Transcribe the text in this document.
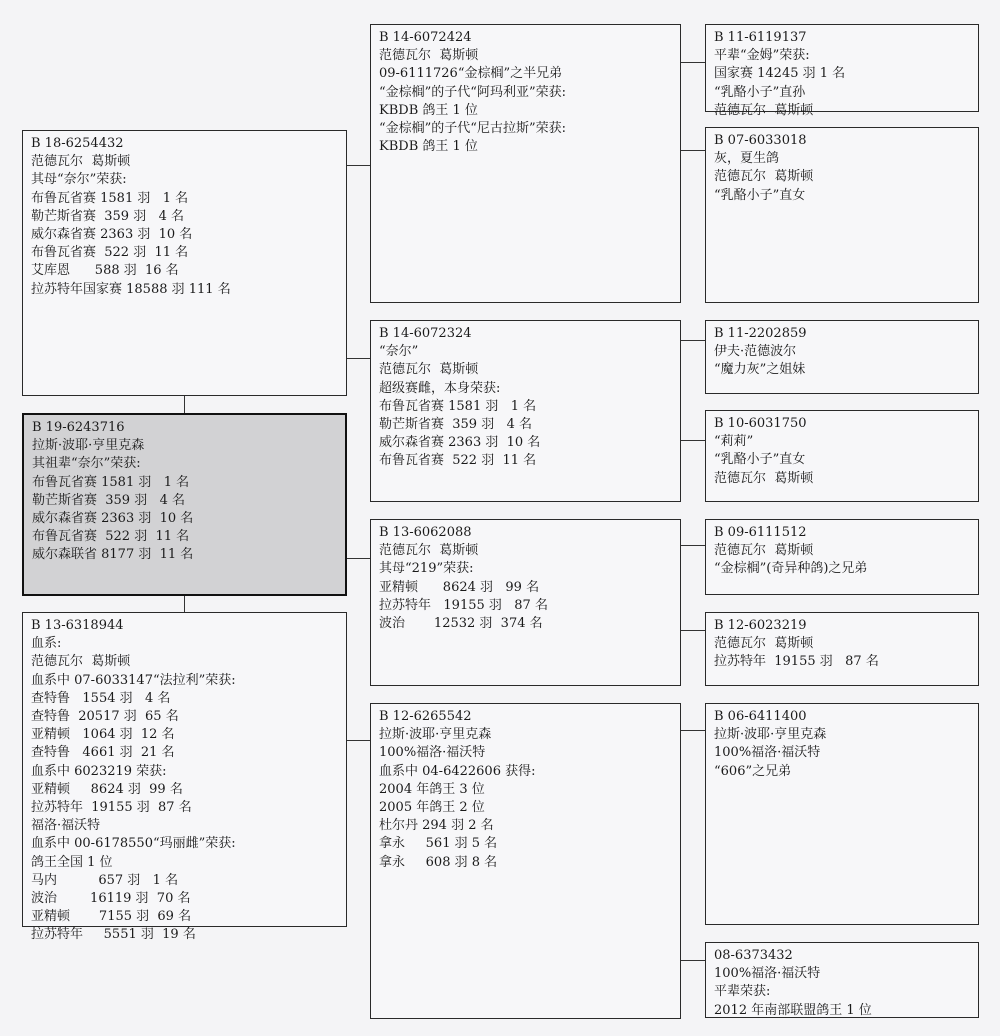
B 18-6254432
范德瓦尔  葛斯顿
其母“奈尔”荣获:
布鲁瓦省赛 1581 羽   1 名
勒芒斯省赛  359 羽   4 名
威尔森省赛 2363 羽  10 名
布鲁瓦省赛  522 羽  11 名
艾库恩      588 羽  16 名
拉苏特年国家赛 18588 羽 111 名
B 19-6243716
拉斯·波耶·亨里克森
其祖辈“奈尔”荣获:
布鲁瓦省赛 1581 羽   1 名
勒芒斯省赛  359 羽   4 名
威尔森省赛 2363 羽  10 名
布鲁瓦省赛  522 羽  11 名
威尔森联省 8177 羽  11 名
B 13-6318944
血系:
范德瓦尔  葛斯顿
血系中 07-6033147“法拉利”荣获:
查特鲁   1554 羽   4 名
查特鲁  20517 羽  65 名
亚精顿   1064 羽  12 名
查特鲁   4661 羽  21 名
血系中 6023219 荣获:
亚精顿     8624 羽  99 名
拉苏特年  19155 羽  87 名
福洛·福沃特
血系中 00-6178550“玛丽雌”荣获:
鸽王全国 1 位
马内          657 羽   1 名
波治        16119 羽  70 名
亚精顿       7155 羽  69 名
拉苏特年     5551 羽  19 名
B 14-6072424
范德瓦尔  葛斯顿
09-6111726“金棕榈”之半兄弟
“金棕榈”的子代“阿玛利亚”荣获:
KBDB 鸽王 1 位
“金棕榈”的子代“尼古拉斯”荣获:
KBDB 鸽王 1 位
B 14-6072324
“奈尔”
范德瓦尔  葛斯顿
超级赛雌，本身荣获:
布鲁瓦省赛 1581 羽   1 名
勒芒斯省赛  359 羽   4 名
威尔森省赛 2363 羽  10 名
布鲁瓦省赛  522 羽  11 名
B 13-6062088
范德瓦尔  葛斯顿
其母“219”荣获:
亚精顿      8624 羽   99 名
拉苏特年   19155 羽   87 名
波治       12532 羽  374 名
B 12-6265542
拉斯·波耶·亨里克森
100%福洛·福沃特
血系中 04-6422606 获得:
2004 年鸽王 3 位
2005 年鸽王 2 位
杜尔丹 294 羽 2 名
拿永     561 羽 5 名
拿永     608 羽 8 名
B 11-6119137
平辈“金姆”荣获:
国家赛 14245 羽 1 名
“乳酪小子”直孙
范德瓦尔  葛斯顿
B 07-6033018
灰，夏生鸽
范德瓦尔  葛斯顿
“乳酪小子”直女
B 11-2202859
伊夫·范德波尔
“魔力灰”之姐妹
B 10-6031750
“莉莉”
“乳酪小子”直女
范德瓦尔  葛斯顿
B 09-6111512
范德瓦尔  葛斯顿
“金棕榈”(奇异种鸽)之兄弟
B 12-6023219
范德瓦尔  葛斯顿
拉苏特年  19155 羽   87 名
B 06-6411400
拉斯·波耶·亨里克森
100%福洛·福沃特
“606”之兄弟
08-6373432
100%福洛·福沃特
平辈荣获:
2012 年南部联盟鸽王 1 位
